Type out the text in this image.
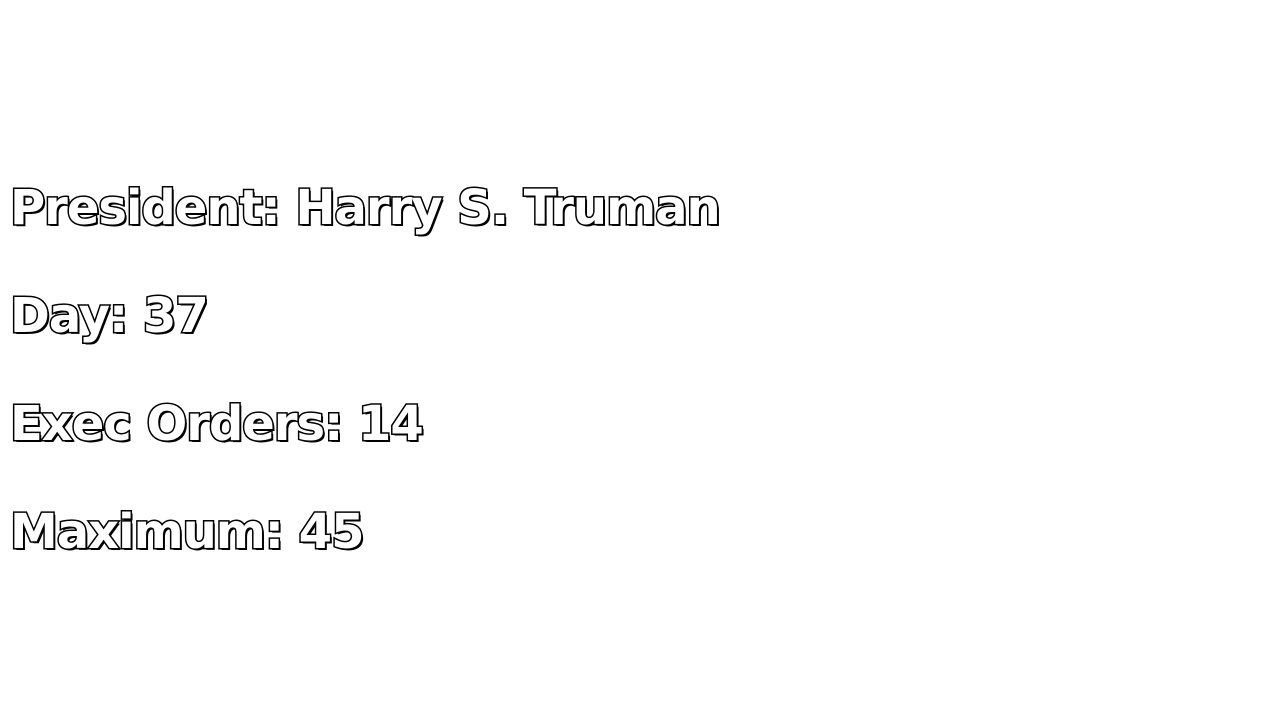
President: Harry S. Truman
Day: 37
Exec Orders: 14
Maximum: 45
